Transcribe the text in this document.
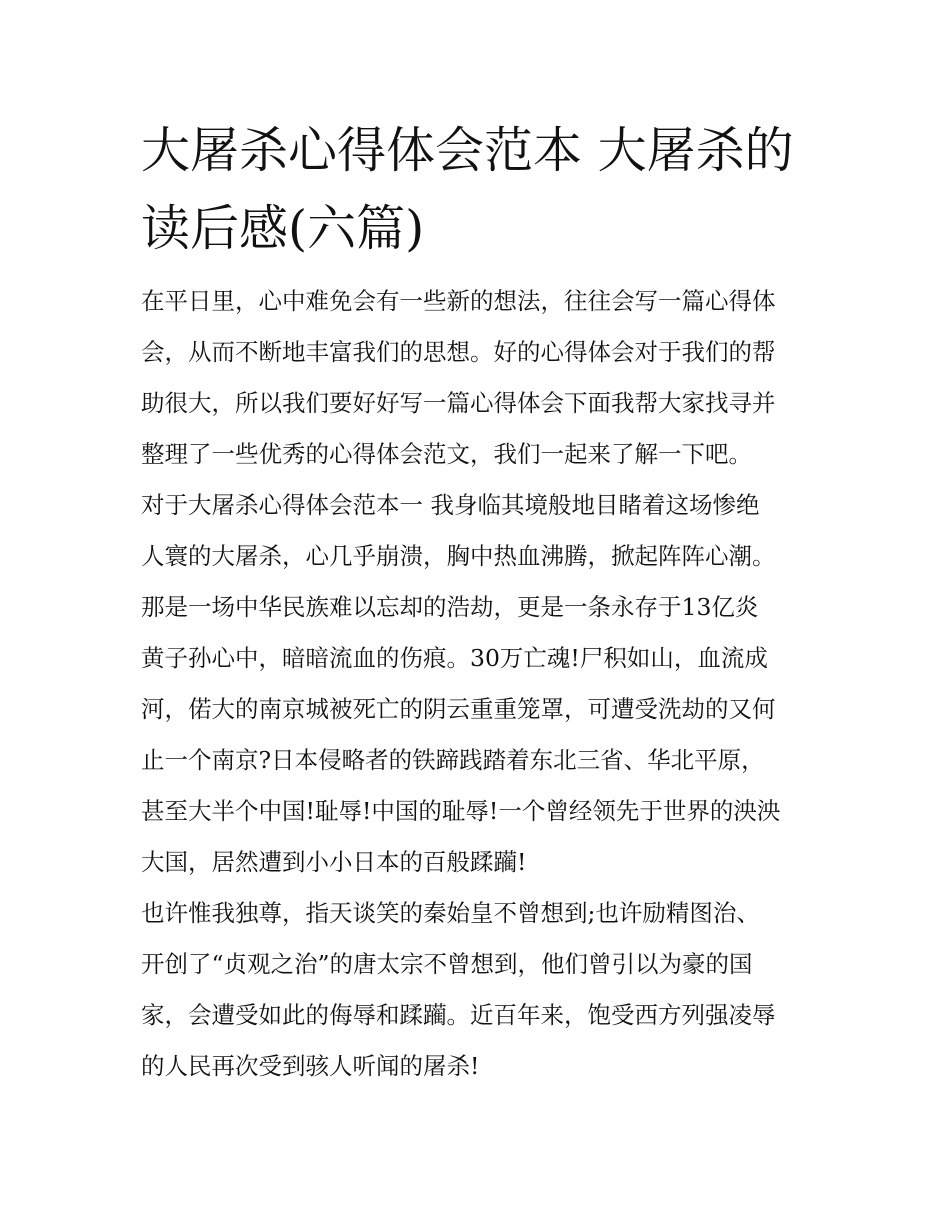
大屠杀心得体会范本 大屠杀的
读后感(六篇)
在平日里，心中难免会有一些新的想法，往往会写一篇心得体
会，从而不断地丰富我们的思想。好的心得体会对于我们的帮
助很大，所以我们要好好写一篇心得体会下面我帮大家找寻并
整理了一些优秀的心得体会范文，我们一起来了解一下吧。
对于大屠杀心得体会范本一 我身临其境般地目睹着这场惨绝
人寰的大屠杀，心几乎崩溃，胸中热血沸腾，掀起阵阵心潮。
那是一场中华民族难以忘却的浩劫，更是一条永存于13亿炎
黄子孙心中，暗暗流血的伤痕。30万亡魂!尸积如山，血流成
河，偌大的南京城被死亡的阴云重重笼罩，可遭受洗劫的又何
止一个南京?日本侵略者的铁蹄践踏着东北三省、华北平原，
甚至大半个中国!耻辱!中国的耻辱!一个曾经领先于世界的泱泱
大国，居然遭到小小日本的百般蹂躏!
也许惟我独尊，指天谈笑的秦始皇不曾想到;也许励精图治、
开创了“贞观之治”的唐太宗不曾想到，他们曾引以为豪的国
家，会遭受如此的侮辱和蹂躏。近百年来，饱受西方列强凌辱
的人民再次受到骇人听闻的屠杀!
